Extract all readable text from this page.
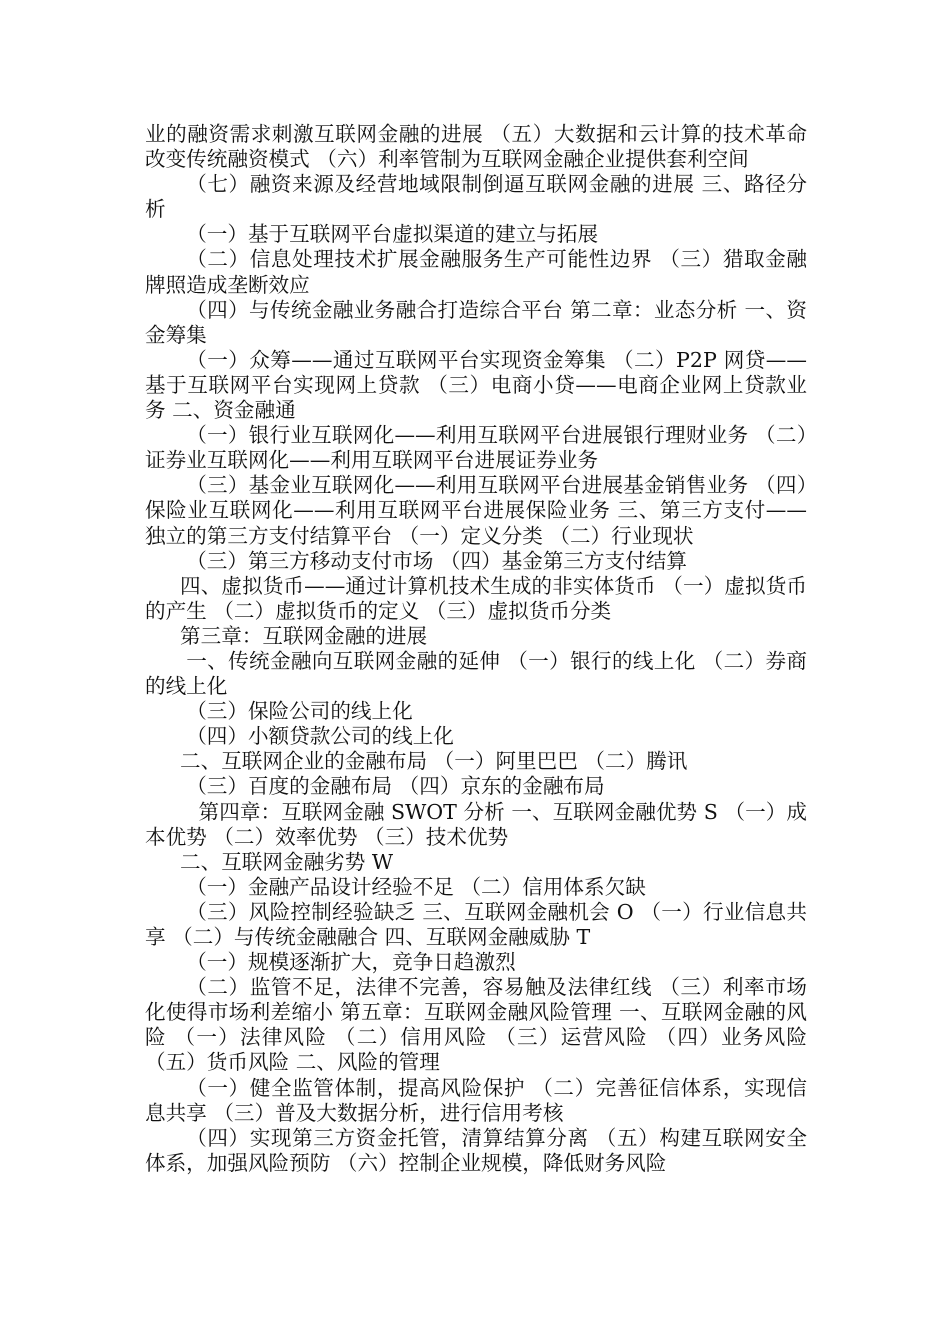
业的融资需求刺激互联网金融的进展 （五）大数据和云计算的技术革命改变传统融资模式 （六）利率管制为互联网金融企业提供套利空间

（七）融资来源及经营地域限制倒逼互联网金融的进展 三、路径分析

（一）基于互联网平台虚拟渠道的建立与拓展

（二）信息处理技术扩展金融服务生产可能性边界 （三）猎取金融牌照造成垄断效应

（四）与传统金融业务融合打造综合平台 第二章：业态分析 一、资金筹集

（一）众筹——通过互联网平台实现资金筹集 （二）P2P 网贷——基于互联网平台实现网上贷款 （三）电商小贷——电商企业网上贷款业务 二、资金融通

（一）银行业互联网化——利用互联网平台进展银行理财业务 （二）证券业互联网化——利用互联网平台进展证券业务

（三）基金业互联网化——利用互联网平台进展基金销售业务 （四）保险业互联网化——利用互联网平台进展保险业务 三、第三方支付——独立的第三方支付结算平台 （一）定义分类 （二）行业现状

（三）第三方移动支付市场 （四）基金第三方支付结算

四、虚拟货币——通过计算机技术生成的非实体货币 （一）虚拟货币的产生 （二）虚拟货币的定义 （三）虚拟货币分类

第三章：互联网金融的进展

一、传统金融向互联网金融的延伸 （一）银行的线上化 （二）券商的线上化

（三）保险公司的线上化

（四）小额贷款公司的线上化

二、互联网企业的金融布局 （一）阿里巴巴 （二）腾讯

（三）百度的金融布局 （四）京东的金融布局

第四章：互联网金融 SWOT 分析 一、互联网金融优势 S （一）成本优势 （二）效率优势 （三）技术优势

二、互联网金融劣势 W

（一）金融产品设计经验不足 （二）信用体系欠缺

（三）风险控制经验缺乏 三、互联网金融机会 O （一）行业信息共享 （二）与传统金融融合 四、互联网金融威胁 T

（一）规模逐渐扩大，竞争日趋激烈

（二）监管不足，法律不完善，容易触及法律红线 （三）利率市场化使得市场利差缩小 第五章：互联网金融风险管理 一、互联网金融的风险 （一）法律风险 （二）信用风险 （三）运营风险 （四）业务风险 （五）货币风险 二、风险的管理

（一）健全监管体制，提高风险保护 （二）完善征信体系，实现信息共享 （三）普及大数据分析，进行信用考核

（四）实现第三方资金托管，清算结算分离 （五）构建互联网安全体系，加强风险预防 （六）控制企业规模，降低财务风险
